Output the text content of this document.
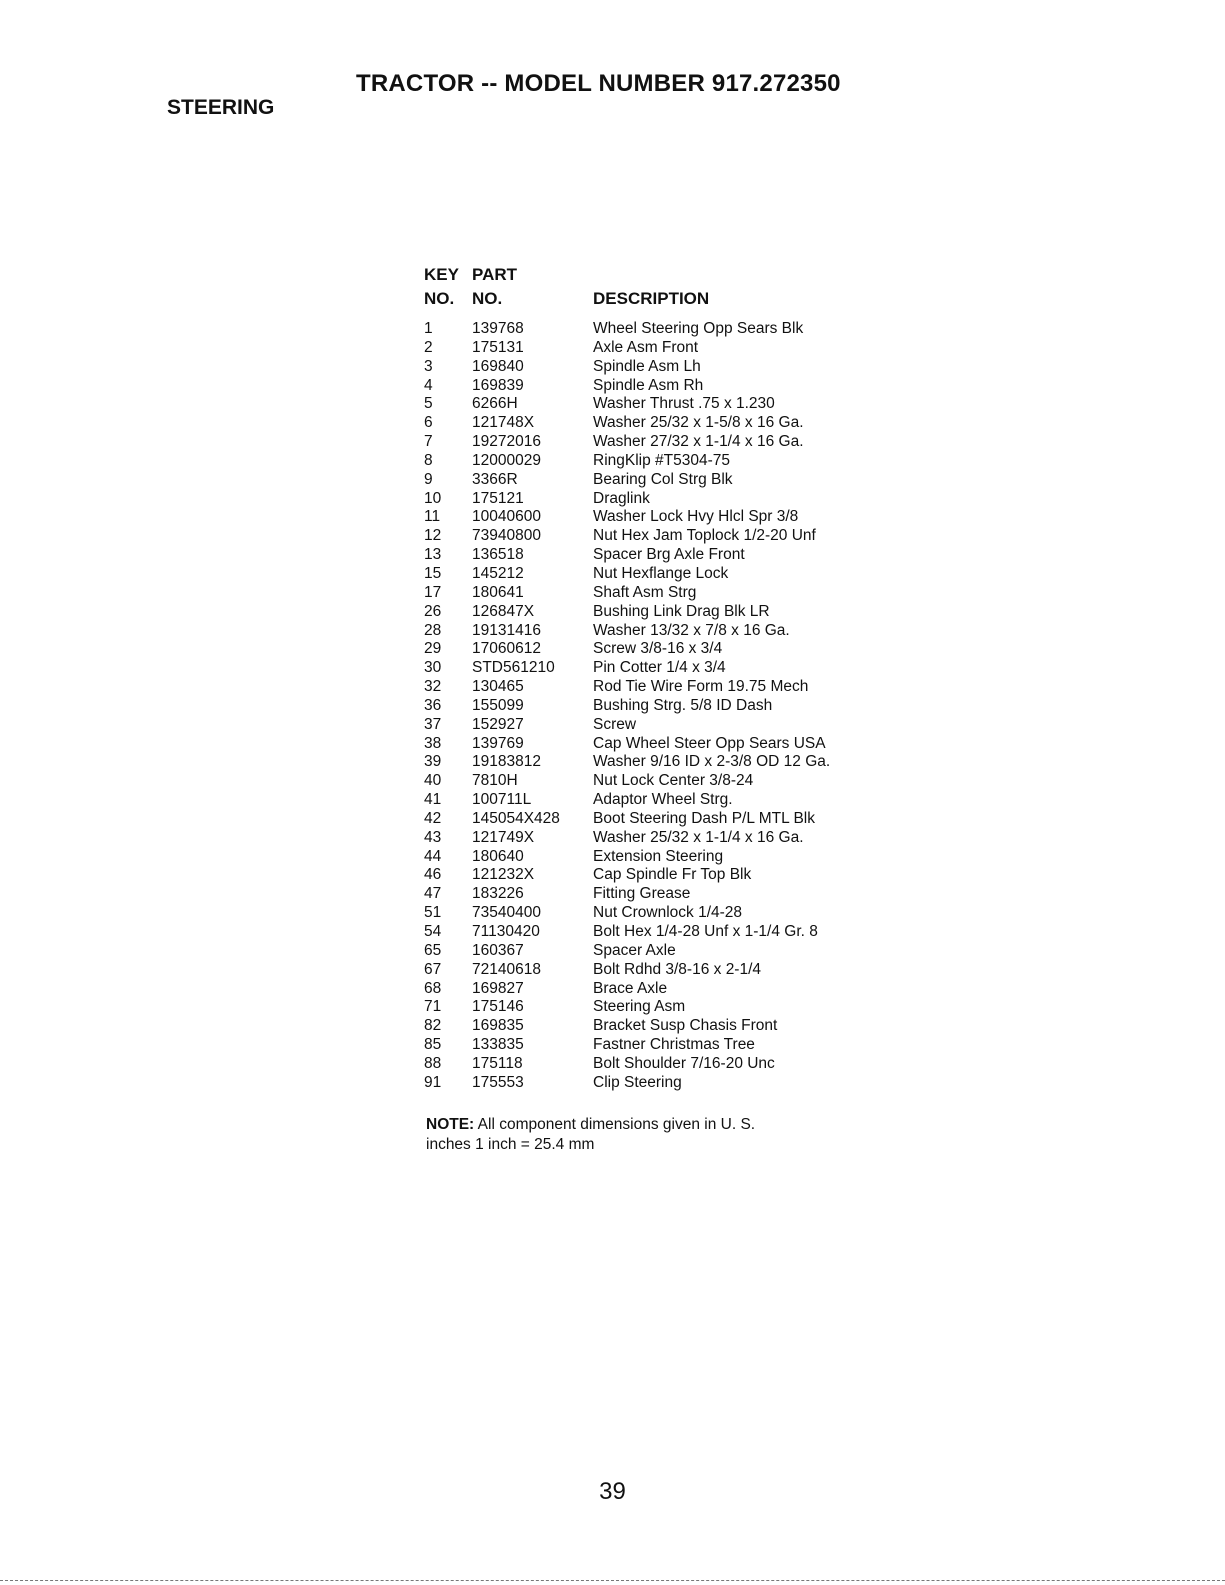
TRACTOR -- MODEL NUMBER 917.272350
STEERING
KEY
NO.
PART
NO.	DESCRIPTION
1	139768	Wheel Steering Opp Sears Blk
2	175131	Axle Asm Front
3	169840	Spindle Asm Lh
4	169839	Spindle Asm Rh
5	6266H	Washer Thrust .75 x 1.230
6	121748X	Washer 25/32 x 1-5/8 x 16 Ga.
7	19272016	Washer 27/32 x 1-1/4 x 16 Ga.
8	12000029	RingKlip #T5304-75
9	3366R	Bearing Col Strg Blk
10 175121	Draglink
11 10040600	Washer Lock Hvy Hlcl Spr 3/8
12 73940800	Nut Hex Jam Toplock 1/2-20 Unf
13 136518	Spacer Brg Axle Front
15 145212	Nut Hexflange Lock
17 180641	Shaft Asm Strg
26 126847X	Bushing Link Drag Blk LR
28 19131416	Washer 13/32 x 7/8 x 16 Ga.
29 17060612	Screw 3/8-16 x 3/4
30 STD561210 Pin Cotter 1/4 x 3/4
32 130465	Rod Tie Wire Form 19.75 Mech
36 155099	Bushing Strg. 5/8 ID Dash
37 152927	Screw
38 139769	Cap Wheel Steer Opp Sears USA
39 19183812	Washer 9/16 ID x 2-3/8 OD 12 Ga.
40 7810H	Nut Lock Center 3/8-24
41 100711L	Adaptor Wheel Strg.
42 145054X428 Boot Steering Dash P/L MTL Blk
43 121749X	Washer 25/32 x 1-1/4 x 16 Ga.
44 180640	Extension Steering
46 121232X	Cap Spindle Fr Top Blk
47 183226	Fitting Grease
51 73540400	Nut Crownlock 1/4-28
54 71130420	Bolt Hex 1/4-28 Unf x 1-1/4 Gr. 8
65 160367	Spacer Axle
67 72140618	Bolt Rdhd 3/8-16 x 2-1/4
68 169827	Brace Axle
71 175146	Steering Asm
82 169835	Bracket Susp Chasis Front
85 133835	Fastner Christmas Tree
88 175118	Bolt Shoulder 7/16-20 Unc
91 175553	Clip Steering
NOTE: All component dimensions given in U. S.
inches 1 inch = 25.4 mm
39
